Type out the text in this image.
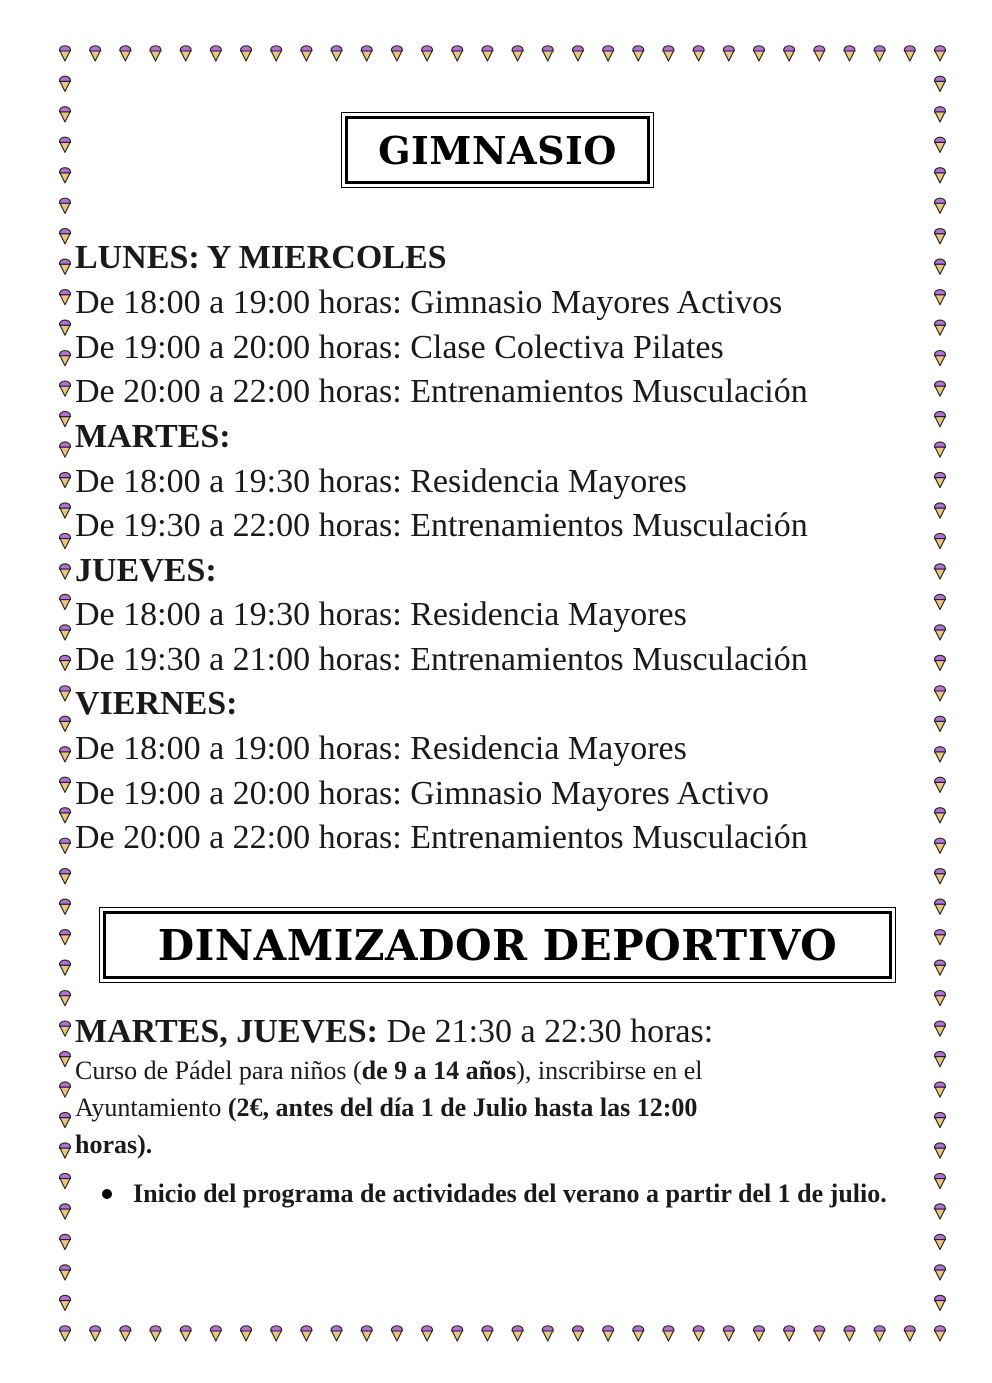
GIMNASIO
LUNES: Y MIERCOLES
De 18:00 a 19:00 horas: Gimnasio Mayores Activos
De 19:00 a 20:00 horas: Clase Colectiva Pilates
De 20:00 a 22:00 horas: Entrenamientos Musculación
MARTES:
De 18:00 a 19:30 horas: Residencia Mayores
De 19:30 a 22:00 horas: Entrenamientos Musculación
JUEVES:
De 18:00 a 19:30 horas: Residencia Mayores
De 19:30 a 21:00 horas: Entrenamientos Musculación
VIERNES:
De 18:00 a 19:00 horas: Residencia Mayores
De 19:00 a 20:00 horas: Gimnasio Mayores Activo
De 20:00 a 22:00 horas: Entrenamientos Musculación
DINAMIZADOR DEPORTIVO
MARTES, JUEVES: De 21:30 a 22:30 horas:
Curso de Pádel para niños (de 9 a 14 años), inscribirse en el
Ayuntamiento (2€, antes del día 1 de Julio hasta las 12:00
horas).
Inicio del programa de actividades del verano a partir del 1 de julio.
